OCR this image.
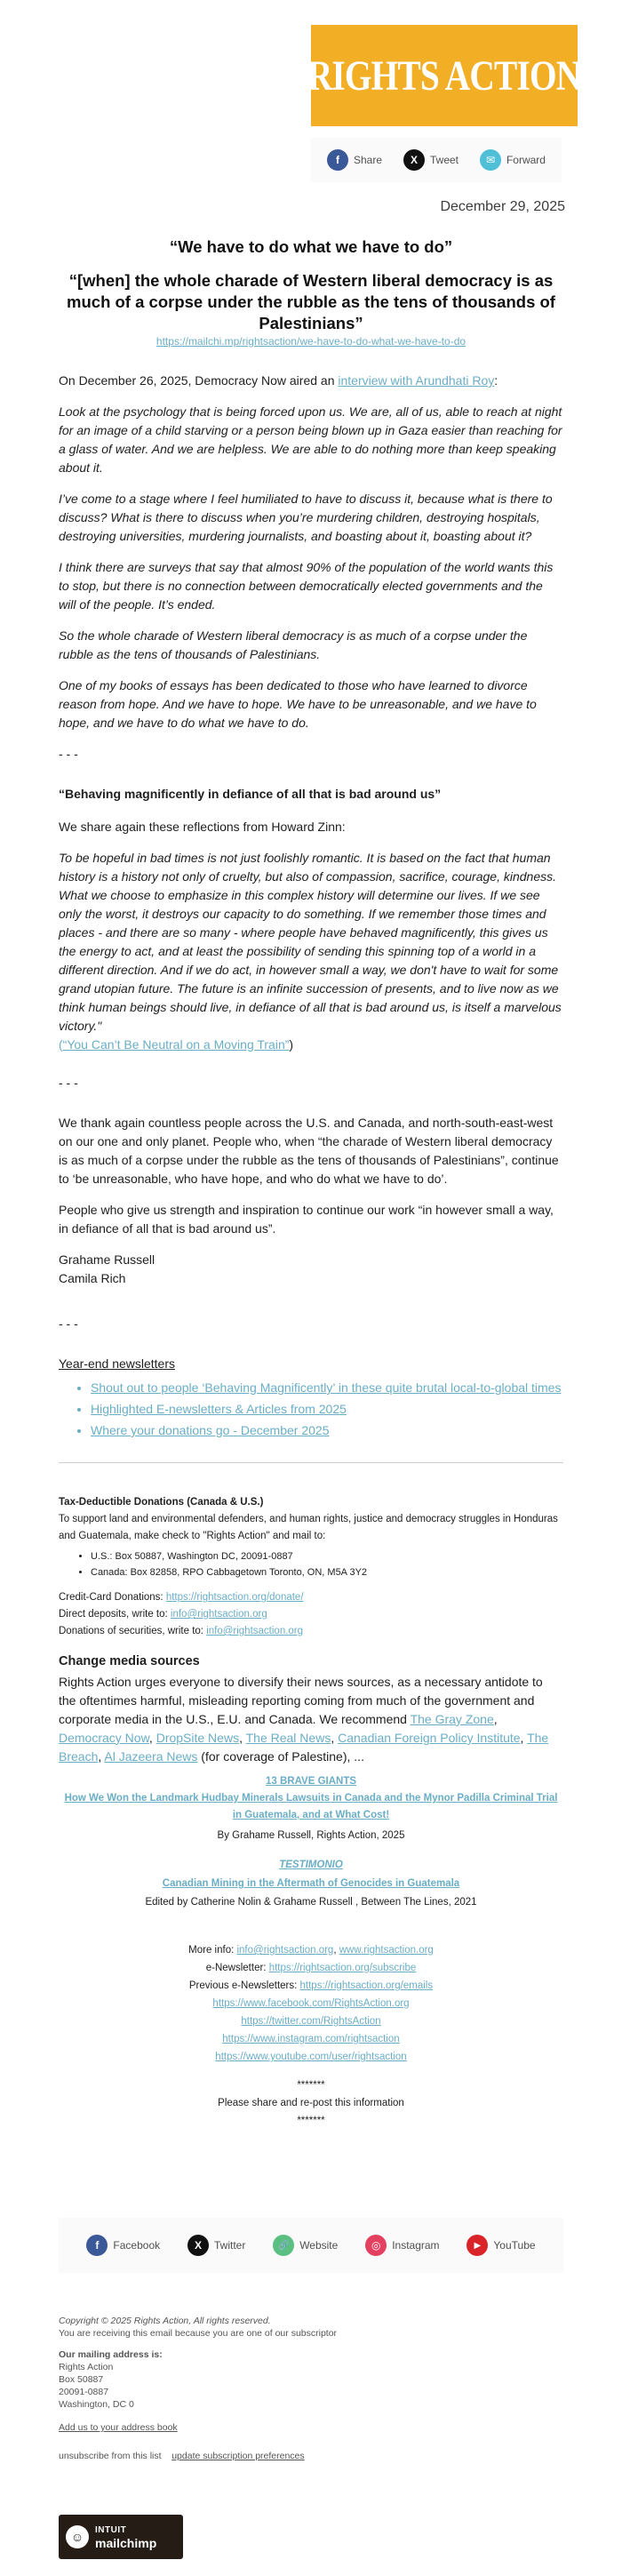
RIGHTS ACTION
f	Share	X	Tweet	✉	Forward
December 29, 2025
“We have to do what we have to do”
“[when] the whole charade of Western liberal democracy is as much of a corpse under the rubble as the tens of thousands of Palestinians”
https://mailchi.mp/rightsaction/we-have-to-do-what-we-have-to-do

On December 26, 2025, Democracy Now aired an interview with Arundhati Roy:

Look at the psychology that is being forced upon us. We are, all of us, able to reach at night for an image of a child starving or a person being blown up in Gaza easier than reaching for a glass of water. And we are helpless. We are able to do nothing more than keep speaking about it.

I’ve come to a stage where I feel humiliated to have to discuss it, because what is there to discuss? What is there to discuss when you’re murdering children, destroying hospitals, destroying universities, murdering journalists, and boasting about it, boasting about it?

I think there are surveys that say that almost 90% of the population of the world wants this to stop, but there is no connection between democratically elected governments and the will of the people. It’s ended.

So the whole charade of Western liberal democracy is as much of a corpse under the rubble as the tens of thousands of Palestinians.

One of my books of essays has been dedicated to those who have learned to divorce reason from hope. And we have to hope. We have to be unreasonable, and we have to hope, and we have to do what we have to do.

- - -

“Behaving magnificently in defiance of all that is bad around us”

We share again these reflections from Howard Zinn:

To be hopeful in bad times is not just foolishly romantic. It is based on the fact that human history is a history not only of cruelty, but also of compassion, sacrifice, courage, kindness. What we choose to emphasize in this complex history will determine our lives. If we see only the worst, it destroys our capacity to do something. If we remember those times and places - and there are so many - where people have behaved magnificently, this gives us the energy to act, and at least the possibility of sending this spinning top of a world in a different direction. And if we do act, in however small a way, we don't have to wait for some grand utopian future. The future is an infinite succession of presents, and to live now as we think human beings should live, in defiance of all that is bad around us, is itself a marvelous victory."
(“You Can’t Be Neutral on a Moving Train”)

- - -

We thank again countless people across the U.S. and Canada, and north-south-east-west on our one and only planet. People who, when “the charade of Western liberal democracy is as much of a corpse under the rubble as the tens of thousands of Palestinians”, continue to ‘be unreasonable, who have hope, and who do what we have to do’.

People who give us strength and inspiration to continue our work “in however small a way, in defiance of all that is bad around us”.

Grahame Russell
Camila Rich
- - -
Year-end newsletters
• Shout out to people ‘Behaving Magnificently’ in these quite brutal local-to-global times
• Highlighted E-newsletters & Articles from 2025
• Where your donations go - December 2025
Tax-Deductible Donations (Canada & U.S.)
To support land and environmental defenders, and human rights, justice and democracy struggles in Honduras and Guatemala, make check to "Rights Action" and mail to:
• U.S.: Box 50887, Washington DC, 20091-0887
• Canada: Box 82858, RPO Cabbagetown Toronto, ON, M5A 3Y2
Credit-Card Donations: https://rightsaction.org/donate/
Direct deposits, write to: info@rightsaction.org
Donations of securities, write to: info@rightsaction.org
Change media sources

Rights Action urges everyone to diversify their news sources, as a necessary antidote to the oftentimes harmful, misleading reporting coming from much of the government and corporate media in the U.S., E.U. and Canada. We recommend The Gray Zone, Democracy Now, DropSite News, The Real News, Canadian Foreign Policy Institute, The Breach, Al Jazeera News (for coverage of Palestine), ...

13 BRAVE GIANTS
How We Won the Landmark Hudbay Minerals Lawsuits in Canada and the Mynor Padilla Criminal Trial in Guatemala, and at What Cost!
By Grahame Russell, Rights Action, 2025
TESTIMONIO
Canadian Mining in the Aftermath of Genocides in Guatemala
Edited by Catherine Nolin & Grahame Russell , Between The Lines, 2021
More info: info@rightsaction.org, www.rightsaction.org
e-Newsletter: https://rightsaction.org/subscribe
Previous e-Newsletters: https://rightsaction.org/emails
https://www.facebook.com/RightsAction.org
https://twitter.com/RightsAction
https://www.instagram.com/rightsaction
https://www.youtube.com/user/rightsaction
*******
Please share and re-post this information
*******
f	Facebook	X	Twitter	🔗 Website	◎	Instagram	▶	YouTube
Copyright © 2025 Rights Action, All rights reserved.
You are receiving this email because you are one of our subscriptor
Our mailing address is:
Rights Action
Box 50887
20091-0887
Washington, DC 0
Add us to your address book
unsubscribe from this list update subscription preferences
☺	INTUIT
mailchimp
